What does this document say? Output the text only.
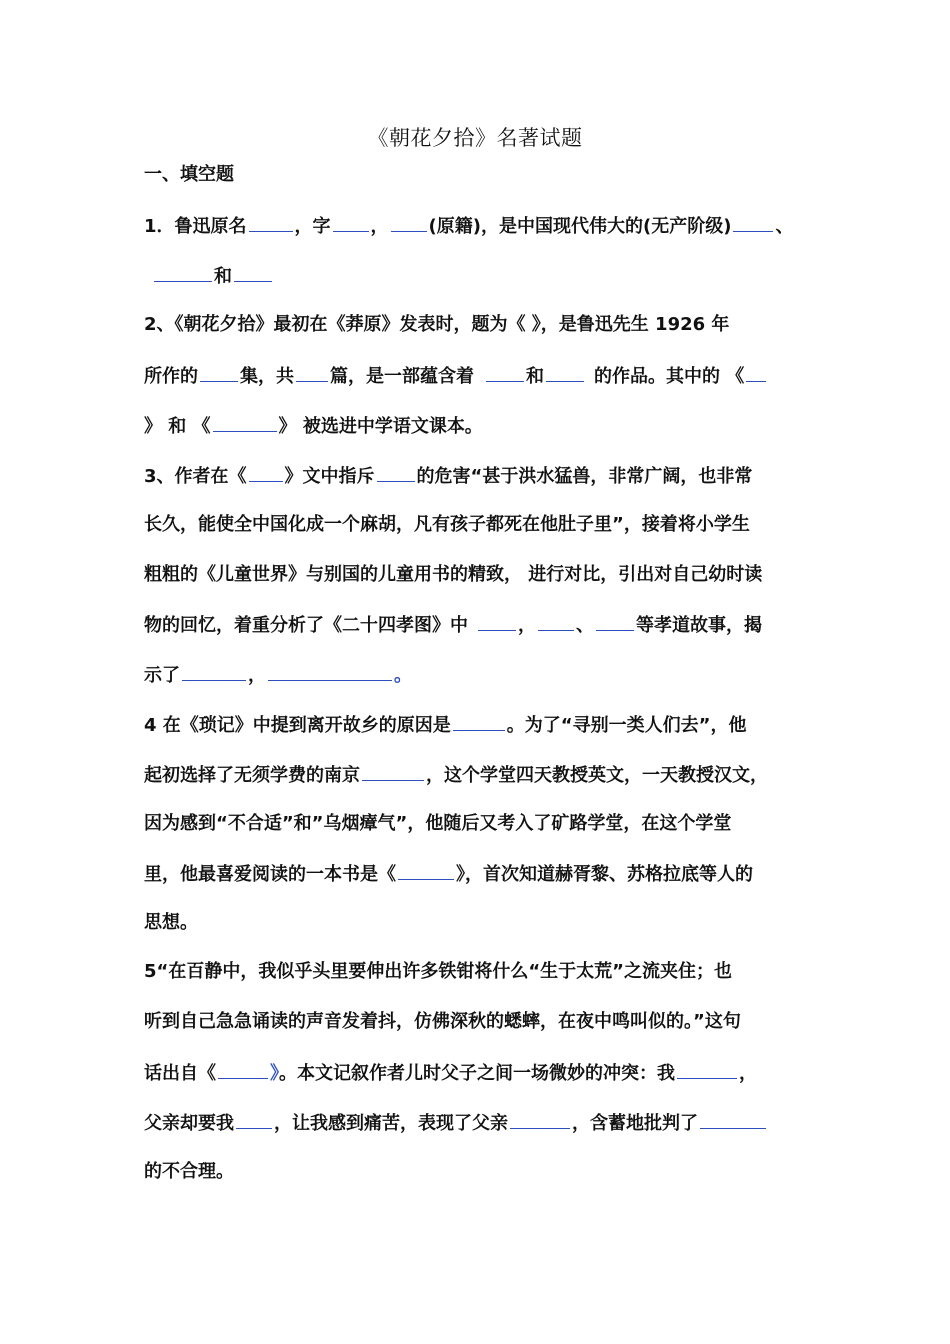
《朝花夕拾》名著试题
一、填空题
1．鲁迅原名	，字 ， (原籍)，是中国现代伟大的(无产阶级) 、
和
2、《朝花夕拾》最初在《莽原》发表时，题为《 》，是鲁迅先生 1926 年
所作的 集，共 篇，是一部蕴含着	和	的作品。其中的 《
》 和 《	》 被选进中学语文课本。
3、作者在《 》文中指斥 的危害“甚于洪水猛兽，非常广阔，也非常
长久，能使全中国化成一个麻胡，凡有孩子都死在他肚子里”，接着将小学生
粗粗的《儿童世界》与别国的儿童用书的精致， 进行对比，引出对自己幼时读
物的回忆，着重分析了《二十四孝图》中	， 、 等孝道故事，揭
示了	，	。
4 在《琐记》中提到离开故乡的原因是	。为了“寻别一类人们去”，他
起初选择了无须学费的南京	，这个学堂四天教授英文，一天教授汉文，
因为感到“不合适”和”乌烟瘴气”，他随后又考入了矿路学堂，在这个学堂
里，他最喜爱阅读的一本书是《	》，首次知道赫胥黎、苏格拉底等人的
思想。
5“在百静中，我似乎头里要伸出许多铁钳将什么“生于太荒”之流夹住；也
听到自己急急诵读的声音发着抖，仿佛深秋的蟋蟀，在夜中鸣叫似的。”这句
话出自《	》。本文记叙作者儿时父子之间一场微妙的冲突：我	，
父亲却要我 ，让我感到痛苦，表现了父亲	，含蓄地批判了
的不合理。
